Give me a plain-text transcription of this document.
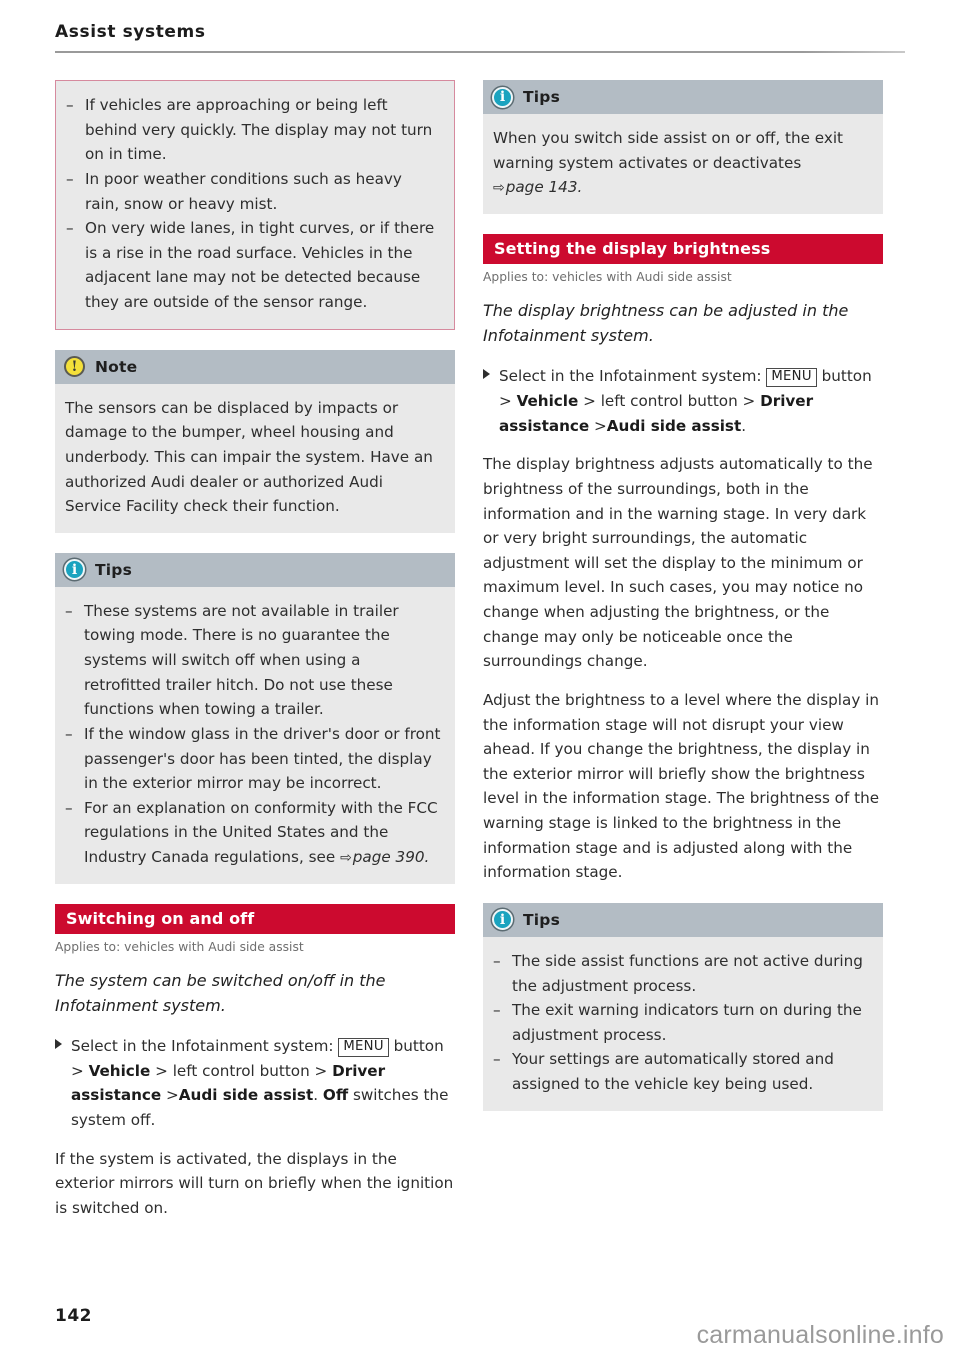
Assist systems
– If vehicles are approaching or being left behind very quickly. The display may not turn on in time.
– In poor weather conditions such as heavy rain, snow or heavy mist.
– On very wide lanes, in tight curves, or if there is a rise in the road surface. Vehicles in the adjacent lane may not be detected because they are outside of the sensor range.
!	Note

The sensors can be displaced by impacts or damage to the bumper, wheel housing and underbody. This can impair the system. Have an authorized Audi dealer or authorized Audi Service Facility check their function.

i	Tips
– These systems are not available in trailer towing mode. There is no guarantee the systems will switch off when using a retrofitted trailer hitch. Do not use these functions when towing a trailer.
– If the window glass in the driver's door or front passenger's door has been tinted, the display in the exterior mirror may be incorrect.
– For an explanation on conformity with the FCC regulations in the United States and the Industry Canada regulations, see ⇨page 390.
Switching on and off
Applies to: vehicles with Audi side assist

The system can be switched on/off in the Infotainment system.

Select in the Infotainment system: MENU button > Vehicle > left control button > Driver assistance >Audi side assist. Off switches the system off.

If the system is activated, the displays in the exterior mirrors will turn on briefly when the ignition is switched on.

i	Tips

When you switch side assist on or off, the exit warning system activates or deactivates ⇨page 143.

Setting the display brightness
Applies to: vehicles with Audi side assist

The display brightness can be adjusted in the Infotainment system.

Select in the Infotainment system: MENU button > Vehicle > left control button > Driver assistance >Audi side assist.

The display brightness adjusts automatically to the brightness of the surroundings, both in the information and in the warning stage. In very dark or very bright surroundings, the automatic adjustment will set the display to the minimum or maximum level. In such cases, you may notice no change when adjusting the brightness, or the change may only be noticeable once the surroundings change.

Adjust the brightness to a level where the display in the information stage will not disrupt your view ahead. If you change the brightness, the display in the exterior mirror will briefly show the brightness level in the information stage. The brightness of the warning stage is linked to the brightness in the information stage and is adjusted along with the information stage.

i	Tips
– The side assist functions are not active during the adjustment process.
– The exit warning indicators turn on during the adjustment process.
– Your settings are automatically stored and assigned to the vehicle key being used.
142
carmanualsonline.info
